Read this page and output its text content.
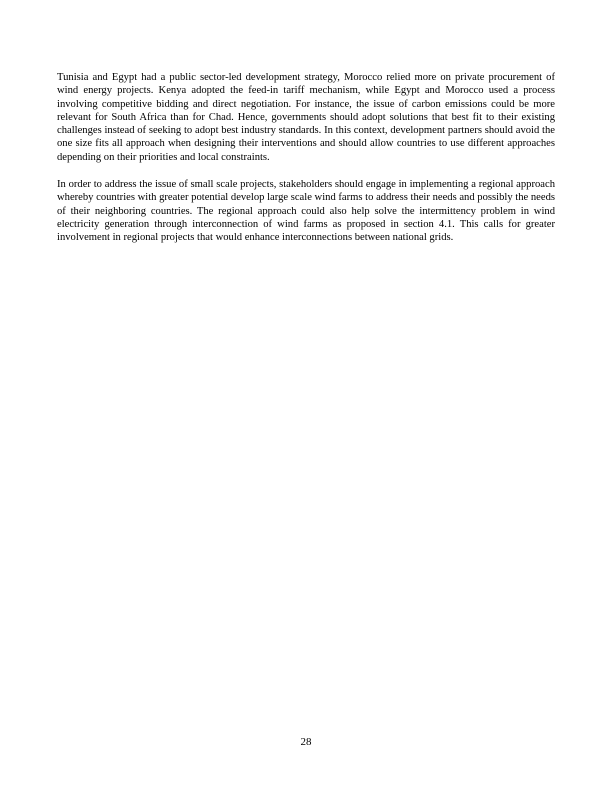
Tunisia and Egypt had a public sector-led development strategy, Morocco relied more on private procurement of wind energy projects. Kenya adopted the feed-in tariff mechanism, while Egypt and Morocco used a process involving competitive bidding and direct negotiation. For instance, the issue of carbon emissions could be more relevant for South Africa than for Chad. Hence, governments should adopt solutions that best fit to their existing challenges instead of seeking to adopt best industry standards. In this context, development partners should avoid the one size fits all approach when designing their interventions and should allow countries to use different approaches depending on their priorities and local constraints.

In order to address the issue of small scale projects, stakeholders should engage in implementing a regional approach whereby countries with greater potential develop large scale wind farms to address their needs and possibly the needs of their neighboring countries. The regional approach could also help solve the intermittency problem in wind electricity generation through interconnection of wind farms as proposed in section 4.1. This calls for greater involvement in regional projects that would enhance interconnections between national grids.

28
